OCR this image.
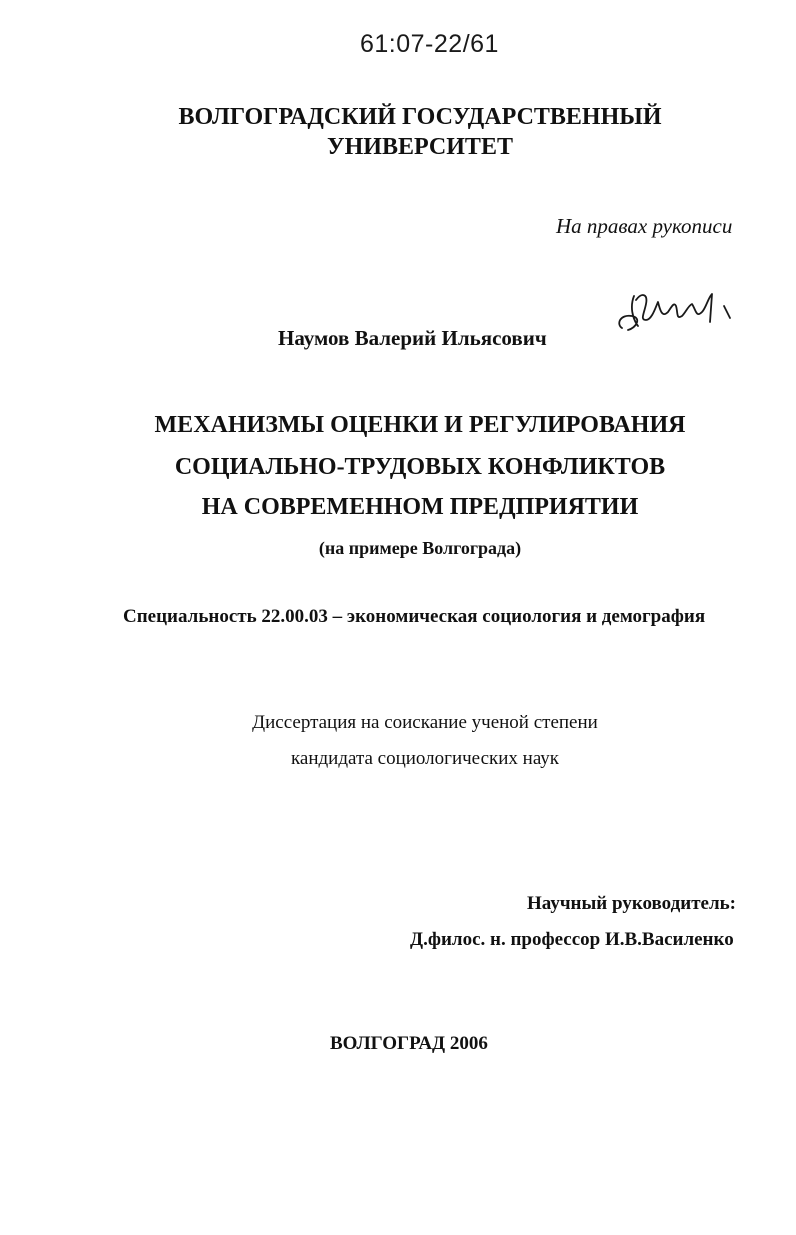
61:07-22/61
ВОЛГОГРАДСКИЙ ГОСУДАРСТВЕННЫЙ
УНИВЕРСИТЕТ
На правах рукописи
Наумов Валерий Ильясович
МЕХАНИЗМЫ ОЦЕНКИ И РЕГУЛИРОВАНИЯ
СОЦИАЛЬНО-ТРУДОВЫХ КОНФЛИКТОВ
НА СОВРЕМЕННОМ ПРЕДПРИЯТИИ
(на примере Волгограда)
Специальность 22.00.03 – экономическая социология и демография
Диссертация на соискание ученой степени
кандидата социологических наук
Научный руководитель:
Д.филос. н. профессор И.В.Василенко
ВОЛГОГРАД 2006
